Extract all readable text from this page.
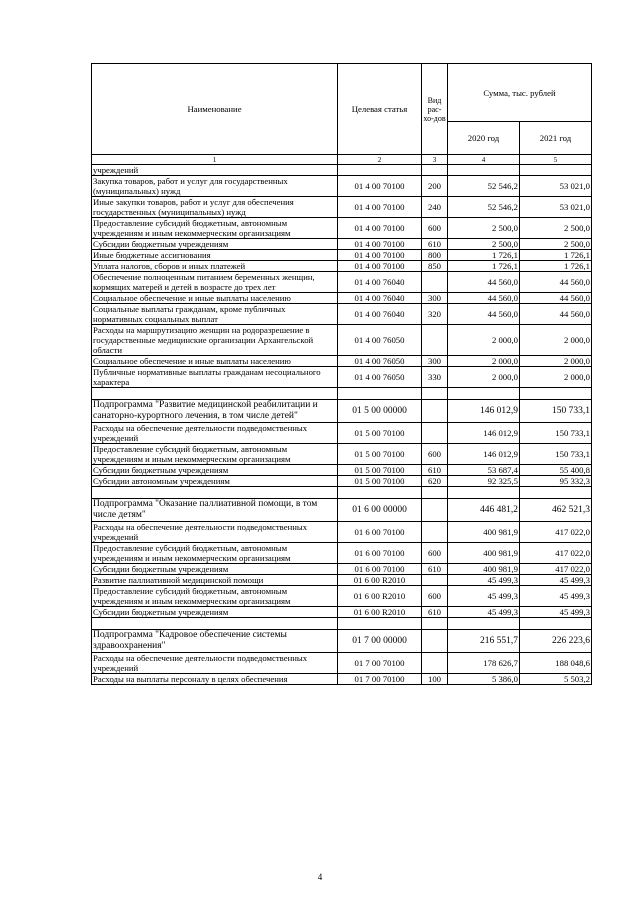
Наименование	Целевая статья	Вид рас-хо-дов	Сумма, тыс. рублей	
			2020 год	2021 год
1	2	3	4	5
учреждений				
Закупка товаров, работ и услуг для государственных (муниципальных) нужд	01 4 00 70100	200	52 546,2	53 021,0
Иные закупки товаров, работ и услуг для обеспечения государственных (муниципальных) нужд	01 4 00 70100	240	52 546,2	53 021,0
Предоставление субсидий бюджетным, автономным учреждениям и иным некоммерческим организациям	01 4 00 70100	600	2 500,0	2 500,0
Субсидии бюджетным учреждениям	01 4 00 70100	610	2 500,0	2 500,0
Иные бюджетные ассигнования	01 4 00 70100	800	1 726,1	1 726,1
Уплата налогов, сборов и иных платежей	01 4 00 70100	850	1 726,1	1 726,1
Обеспечение полноценным питанием беременных женщин, кормящих матерей и детей в возрасте до трех лет	01 4 00 76040		44 560,0	44 560,0
Социальное обеспечение и иные выплаты населению	01 4 00 76040	300	44 560,0	44 560,0
Социальные выплаты гражданам, кроме публичных нормативных социальных выплат	01 4 00 76040	320	44 560,0	44 560,0
Расходы на маршрутизацию женщин на родоразрешение в государственные медицинские организации Архангельской области	01 4 00 76050		2 000,0	2 000,0
Социальное обеспечение и иные выплаты населению	01 4 00 76050	300	2 000,0	2 000,0
Публичные нормативные выплаты гражданам несоциального характера	01 4 00 76050	330	2 000,0	2 000,0

Подпрограмма "Развитие медицинской реабилитации и санаторно-курортного лечения, в том числе детей"	01 5 00 00000		146 012,9	150 733,1
Расходы на обеспечение деятельности подведомственных учреждений	01 5 00 70100		146 012,9	150 733,1
Предоставление субсидий бюджетным, автономным учреждениям и иным некоммерческим организациям	01 5 00 70100	600	146 012,9	150 733,1
Субсидии бюджетным учреждениям	01 5 00 70100	610	53 687,4	55 400,8
Субсидии автономным учреждениям	01 5 00 70100	620	92 325,5	95 332,3

Подпрограмма "Оказание паллиативной помощи, в том числе детям"	01 6 00 00000		446 481,2	462 521,3
Расходы на обеспечение деятельности подведомственных учреждений	01 6 00 70100		400 981,9	417 022,0
Предоставление субсидий бюджетным, автономным учреждениям и иным некоммерческим организациям	01 6 00 70100	600	400 981,9	417 022,0
Субсидии бюджетным учреждениям	01 6 00 70100	610	400 981,9	417 022,0
Развитие паллиативной медицинской помощи	01 6 00 R2010		45 499,3	45 499,3
Предоставление субсидий бюджетным, автономным учреждениям и иным некоммерческим организациям	01 6 00 R2010	600	45 499,3	45 499,3
Субсидии бюджетным учреждениям	01 6 00 R2010	610	45 499,3	45 499,3

Подпрограмма "Кадровое обеспечение системы здравоохранения"	01 7 00 00000		216 551,7	226 223,6
Расходы на обеспечение деятельности подведомственных учреждений	01 7 00 70100		178 626,7	188 048,6
Расходы на выплаты персоналу в целях обеспечения	01 7 00 70100	100	5 386,0	5 503,2
4
